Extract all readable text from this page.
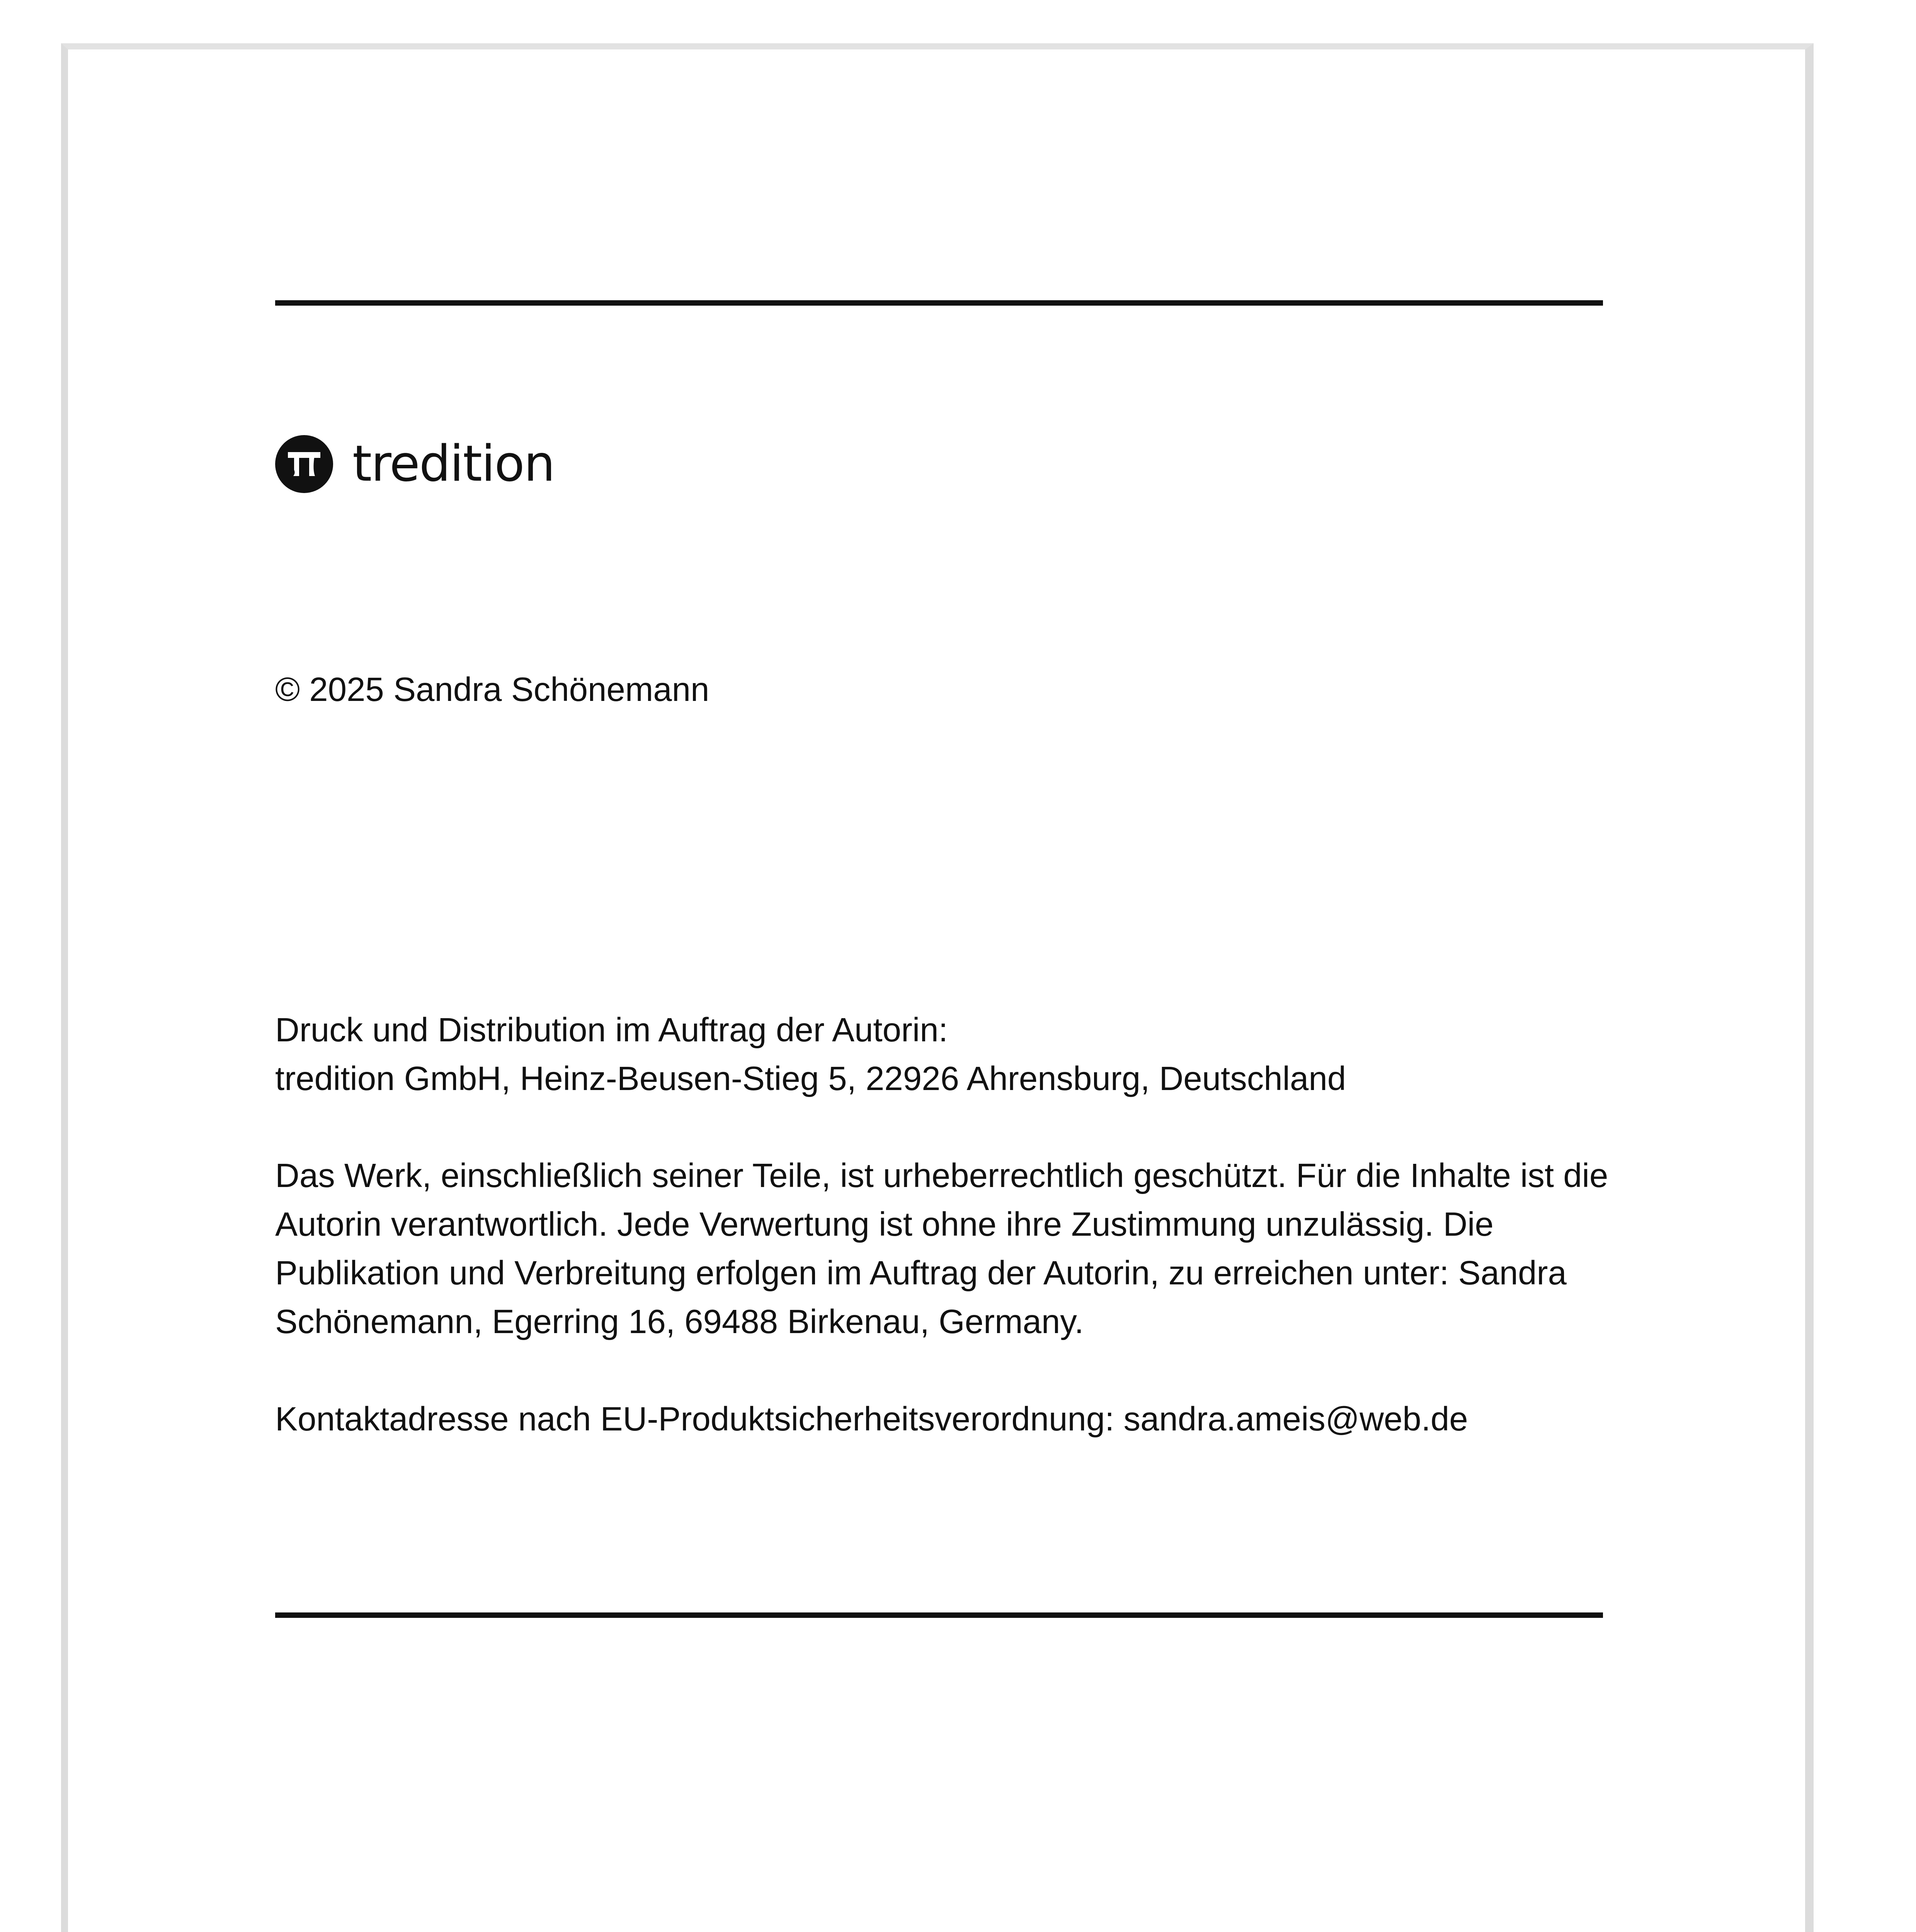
tredition
© 2025 Sandra Schönemann

Druck und Distribution im Auftrag der Autorin:

tredition GmbH, Heinz-Beusen-Stieg 5, 22926 Ahrensburg, Deutschland

Das Werk, einschließlich seiner Teile, ist urheberrechtlich geschützt. Für die Inhalte ist die Autorin verantwortlich. Jede Verwertung ist ohne ihre Zustimmung unzulässig. Die Publikation und Verbreitung erfolgen im Auftrag der Autorin, zu erreichen unter: Sandra Schönemann, Egerring 16, 69488 Birkenau, Germany.

Kontaktadresse nach EU-Produktsicherheitsverordnung: sandra.ameis@web.de
